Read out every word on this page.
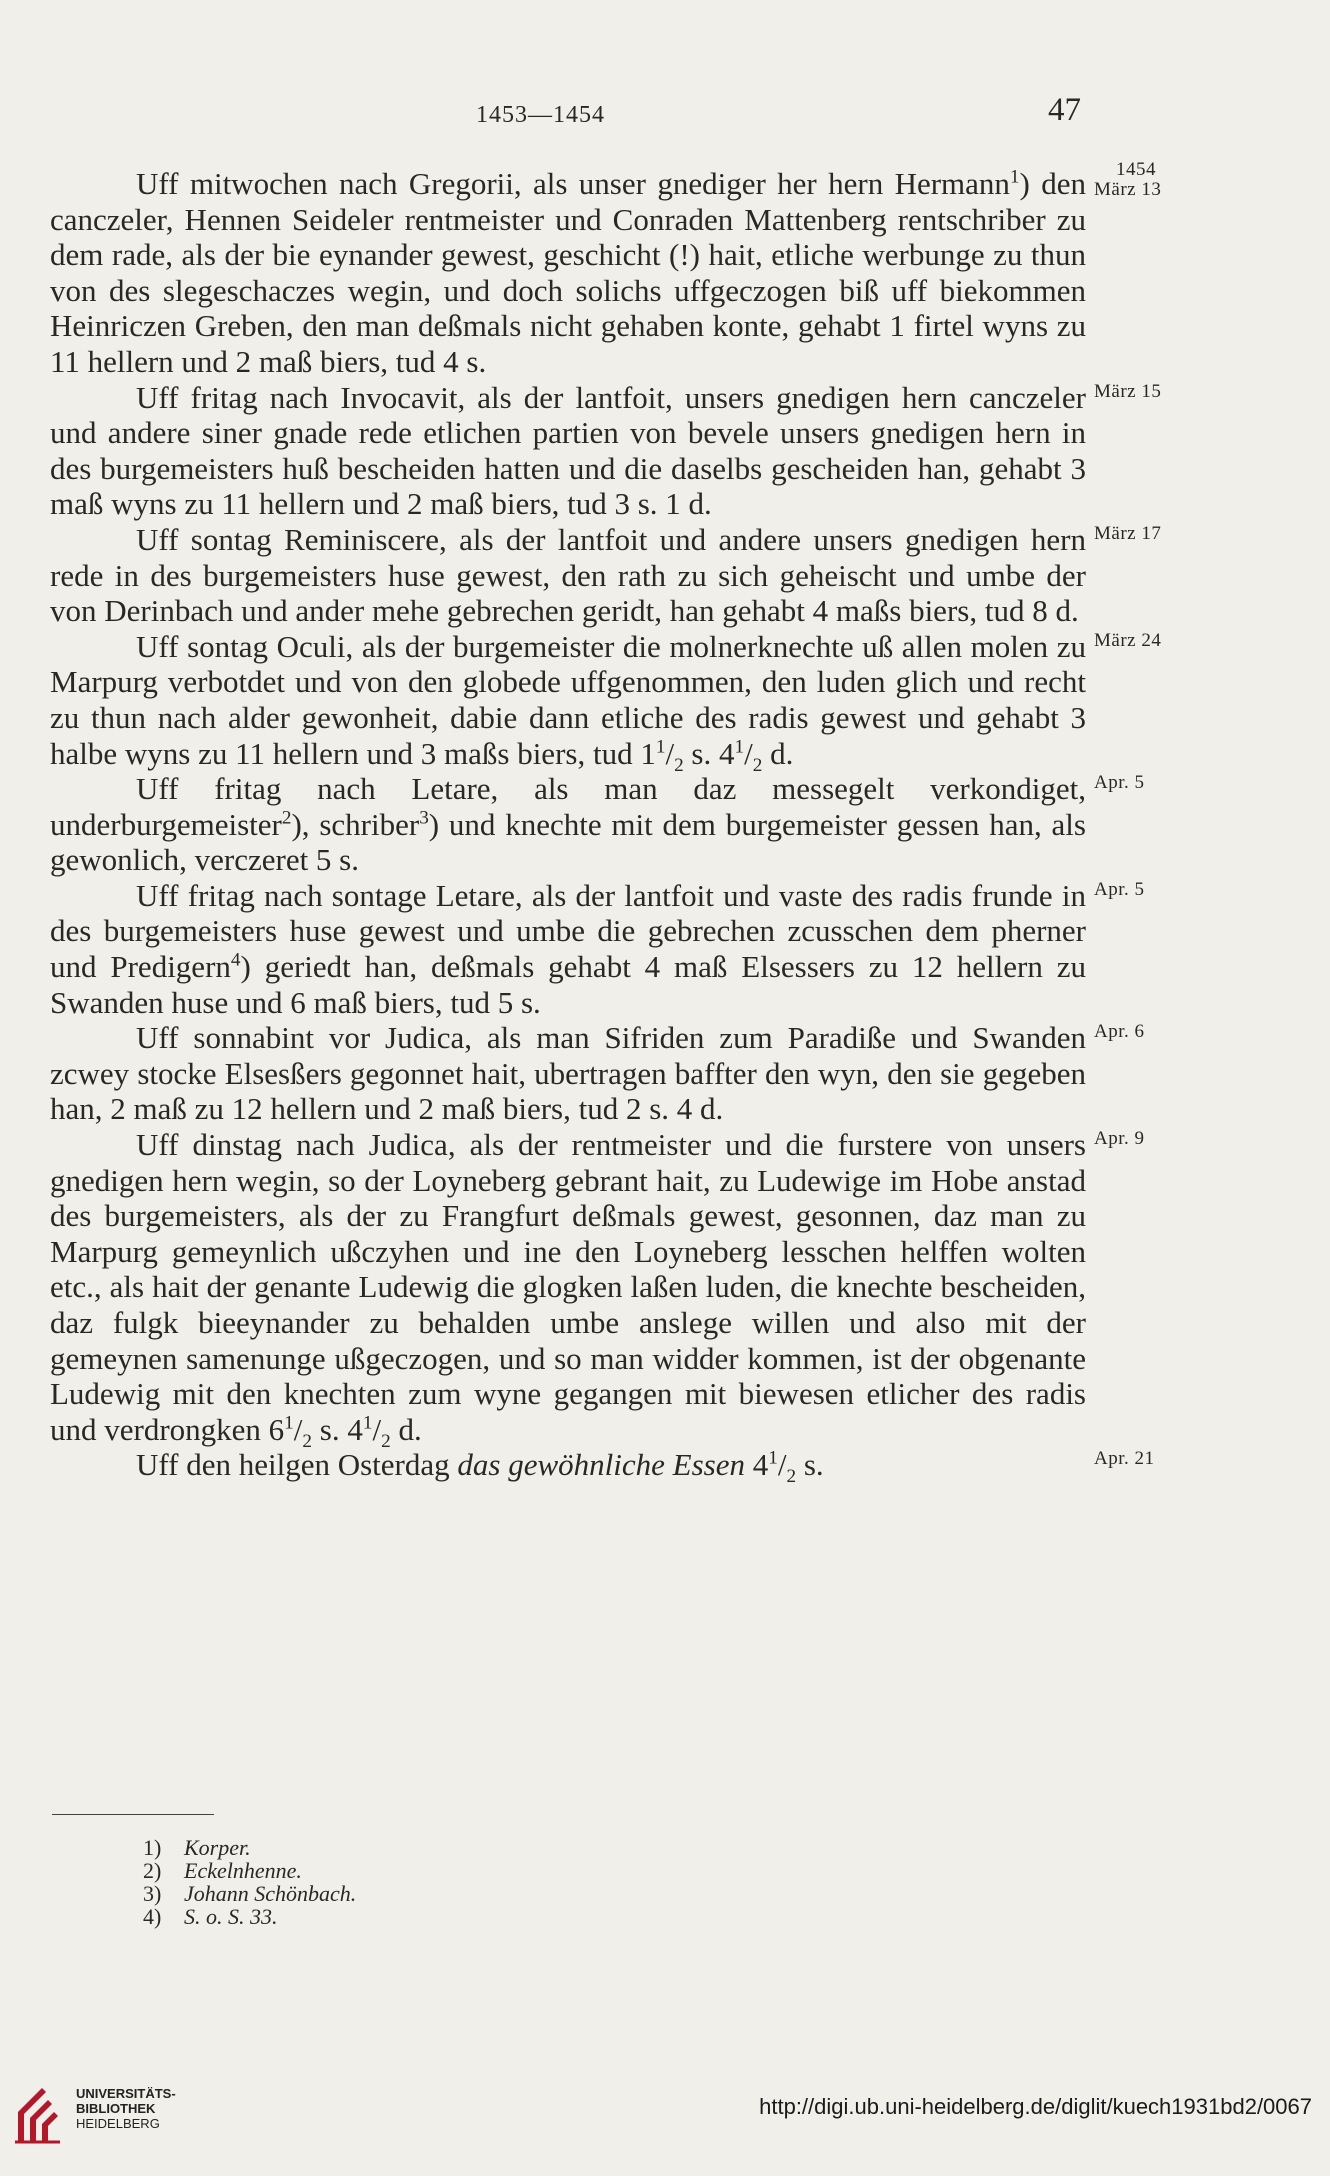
1453—1454	47
1454
März 13

Uff mitwochen nach Gregorii, als unser gnediger her hern Hermann$^1$) den canczeler, Hennen Seideler rentmeister und Conraden Mattenberg rentschriber zu dem rade, als der bie eynander gewest, geschicht (!) hait, etliche werbunge zu thun von des slegeschaczes wegin, und doch solichs uffgeczogen biß uff biekommen Heinriczen Greben, den man deßmals nicht gehaben konte, gehabt 1 firtel wyns zu 11 hellern und 2 maß biers, tud 4 s.

März 15

Uff fritag nach Invocavit, als der lantfoit, unsers gnedigen hern canczeler und andere siner gnade rede etlichen partien von bevele unsers gnedigen hern in des burgemeisters huß bescheiden hatten und die daselbs gescheiden han, gehabt 3 maß wyns zu 11 hellern und 2 maß biers, tud 3 s. 1 d.

März 17

Uff sontag Reminiscere, als der lantfoit und andere unsers gnedigen hern rede in des burgemeisters huse gewest, den rath zu sich geheischt und umbe der von Derinbach und ander mehe gebrechen geridt, han gehabt 4 maßs biers, tud 8 d.

März 24

Uff sontag Oculi, als der burgemeister die molnerknechte uß allen molen zu Marpurg verbotdet und von den globede uffgenommen, den luden glich und recht zu thun nach alder gewonheit, dabie dann etliche des radis gewest und gehabt 3 halbe wyns zu 11 hellern und 3 maßs biers, tud $1^1/_2$ s. $4^1/_2$ d.

Apr. 5

Uff fritag nach Letare, als man daz messegelt verkondiget, underburgemeister$^2$), schriber$^3$) und knechte mit dem burgemeister gessen han, als gewonlich, verczeret 5 s.

Apr. 5

Uff fritag nach sontage Letare, als der lantfoit und vaste des radis frunde in des burgemeisters huse gewest und umbe die gebrechen zcusschen dem pherner und Predigern$^4$) geriedt han, deßmals gehabt 4 maß Elsessers zu 12 hellern zu Swanden huse und 6 maß biers, tud 5 s.

Apr. 6

Uff sonnabint vor Judica, als man Sifriden zum Paradiße und Swanden zcwey stocke Elsesßers gegonnet hait, ubertragen baffter den wyn, den sie gegeben han, 2 maß zu 12 hellern und 2 maß biers, tud 2 s. 4 d.

Apr. 9

Uff dinstag nach Judica, als der rentmeister und die furstere von unsers gnedigen hern wegin, so der Loyneberg gebrant hait, zu Ludewige im Hobe anstad des burgemeisters, als der zu Frangfurt deßmals gewest, gesonnen, daz man zu Marpurg gemeynlich ußczyhen und ine den Loyneberg lesschen helffen wolten etc., als hait der genante Ludewig die glogken laßen luden, die knechte bescheiden, daz fulgk bieeynander zu behalden umbe anslege willen und also mit der gemeynen samenunge ußgeczogen, und so man widder kommen, ist der obgenante Ludewig mit den knechten zum wyne gegangen mit biewesen etlicher des radis und verdrongken $6^1/_2$ s. $4^1/_2$ d.

Apr. 21

Uff den heilgen Osterdag das gewöhnliche Essen $4^1/_2$ s.

1) Korper.
2) Eckelnhenne.
3) Johann Schönbach.
4) S. o. S. 33.
UNIVERSITÄTS-
BIBLIOTHEK
HEIDELBERG
http://digi.ub.uni-heidelberg.de/diglit/kuech1931bd2/0067
